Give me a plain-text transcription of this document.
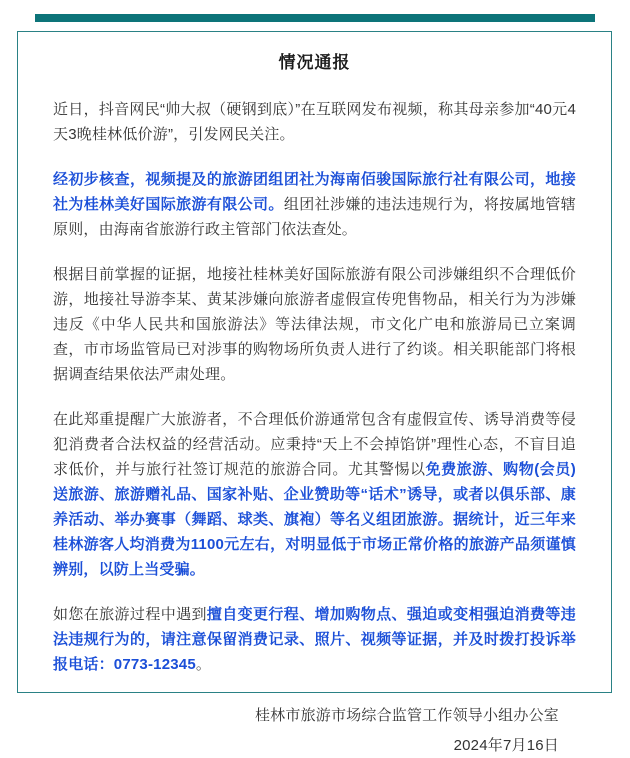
情况通报

近日，抖音网民“帅大叔（硬钢到底）”在互联网发布视频，称其母亲参加“40元4天3晚桂林低价游”，引发网民关注。

经初步核查，视频提及的旅游团组团社为海南佰骏国际旅行社有限公司，地接社为桂林美好国际旅游有限公司。组团社涉嫌的违法违规行为，将按属地管辖原则，由海南省旅游行政主管部门依法查处。

根据目前掌握的证据，地接社桂林美好国际旅游有限公司涉嫌组织不合理低价游，地接社导游李某、黄某涉嫌向旅游者虚假宣传兜售物品，相关行为为涉嫌违反《中华人民共和国旅游法》等法律法规，市文化广电和旅游局已立案调查，市市场监管局已对涉事的购物场所负责人进行了约谈。相关职能部门将根据调查结果依法严肃处理。

在此郑重提醒广大旅游者，不合理低价游通常包含有虚假宣传、诱导消费等侵犯消费者合法权益的经营活动。应秉持“天上不会掉馅饼”理性心态，不盲目追求低价，并与旅行社签订规范的旅游合同。尤其警惕以免费旅游、购物(会员)送旅游、旅游赠礼品、国家补贴、企业赞助等“话术”诱导，或者以俱乐部、康养活动、举办赛事（舞蹈、球类、旗袍）等名义组团旅游。据统计，近三年来桂林游客人均消费为1100元左右，对明显低于市场正常价格的旅游产品须谨慎辨别，以防上当受骗。

如您在旅游过程中遇到擅自变更行程、增加购物点、强迫或变相强迫消费等违法违规行为的，请注意保留消费记录、照片、视频等证据，并及时拨打投诉举报电话：0773-12345。

桂林市旅游市场综合监管工作领导小组办公室
2024年7月16日
